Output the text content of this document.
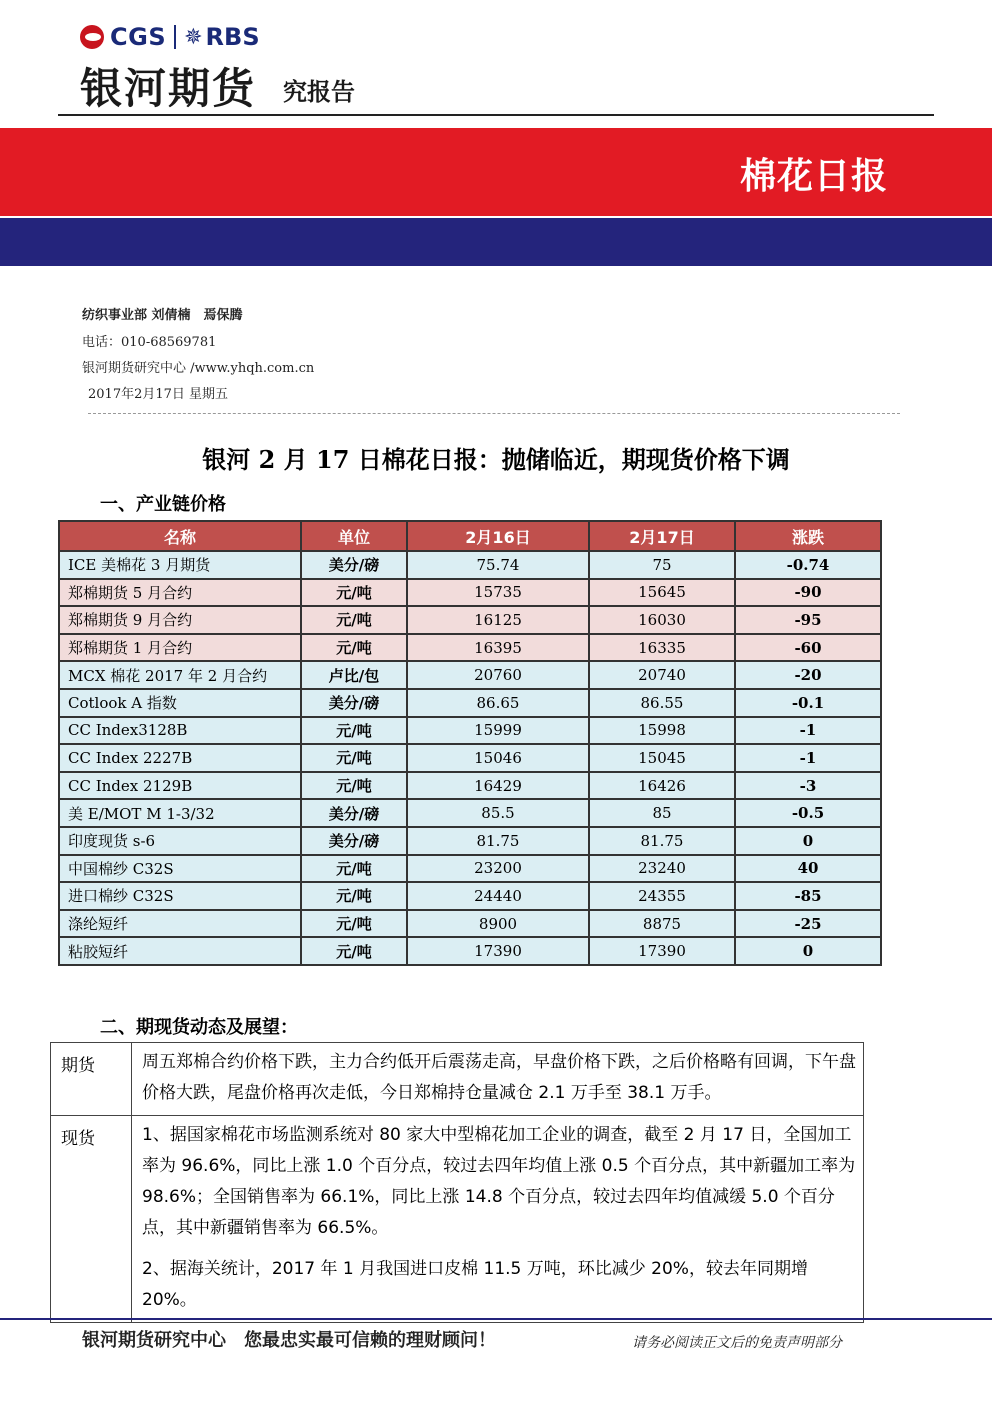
CGS ✵ RBS
银河期货 究报告
棉花日报
纺织事业部 刘倩楠　焉保腾
电话：010-68569781
银河期货研究中心 /www.yhqh.com.cn
2017年2月17日 星期五
银河 2 月 17 日棉花日报：抛储临近，期现货价格下调
一、产业链价格
名称	单位	2月16日	2月17日	涨跌
ICE 美棉花 3 月期货	美分/磅	75.74	75	-0.74
郑棉期货 5 月合约	元/吨	15735	15645	-90
郑棉期货 9 月合约	元/吨	16125	16030	-95
郑棉期货 1 月合约	元/吨	16395	16335	-60
MCX 棉花 2017 年 2 月合约	卢比/包	20760	20740	-20
Cotlook A 指数	美分/磅	86.65	86.55	-0.1
CC Index3128B	元/吨	15999	15998	-1
CC Index 2227B	元/吨	15046	15045	-1
CC Index 2129B	元/吨	16429	16426	-3
美 E/MOT M 1-3/32	美分/磅	85.5	85	-0.5
印度现货 s-6	美分/磅	81.75	81.75	0
中国棉纱 C32S	元/吨	23200	23240	40
进口棉纱 C32S	元/吨	24440	24355	-85
涤纶短纤	元/吨	8900	8875	-25
粘胶短纤	元/吨	17390	17390	0
二、期现货动态及展望：
期货	周五郑棉合约价格下跌，主力合约低开后震荡走高，早盘价格下跌，之后价格略有回调，下午盘价格大跌，尾盘价格再次走低，今日郑棉持仓量减仓 2.1 万手至 38.1 万手。
现货	1、据国家棉花市场监测系统对 80 家大中型棉花加工企业的调查，截至 2 月 17 日，全国加工率为 96.6%，同比上涨 1.0 个百分点，较过去四年均值上涨 0.5 个百分点，其中新疆加工率为 98.6%；全国销售率为 66.1%，同比上涨 14.8 个百分点，较过去四年均值减缓 5.0 个百分点，其中新疆销售率为 66.5%。
2、据海关统计，2017 年 1 月我国进口皮棉 11.5 万吨，环比减少 20%，较去年同期增 20%。
银河期货研究中心　您最忠实最可信赖的理财顾问！	请务必阅读正文后的免责声明部分
